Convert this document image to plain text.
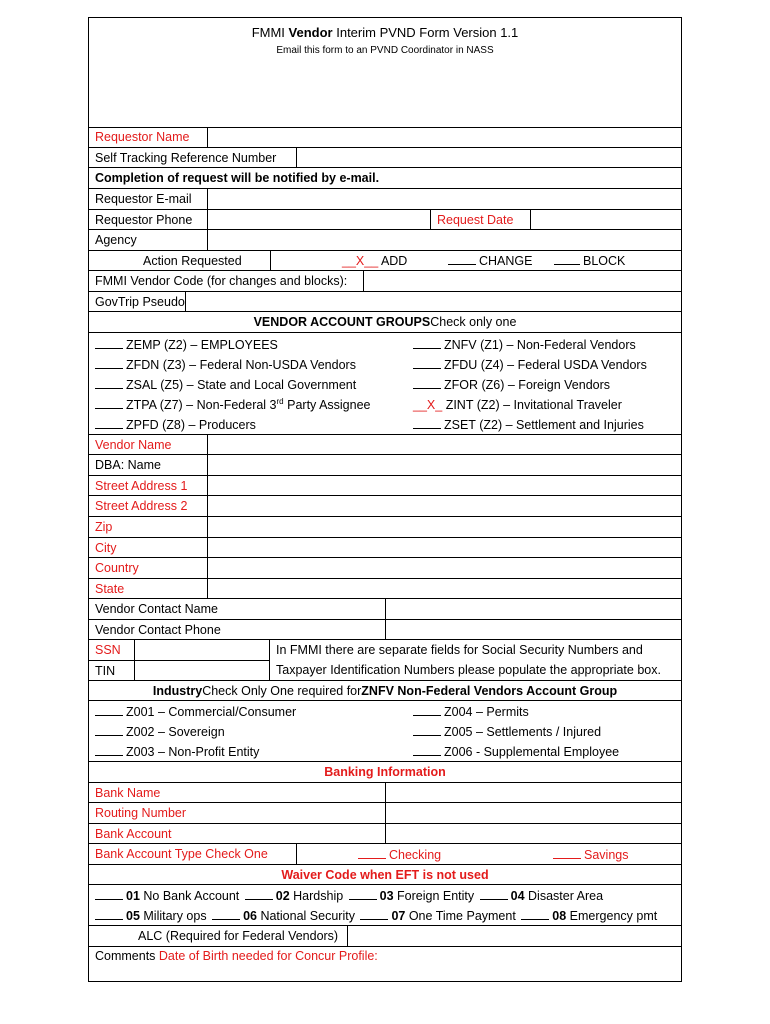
FMMI Vendor Interim PVND Form Version 1.1
Email this form to an PVND Coordinator in NASS
Requestor Name
Self Tracking Reference Number
Completion of request will be notified by e-mail.
Requestor E-mail
Requestor Phone	Request Date
Agency
Action Requested	__X__ ADD	CHANGE	BLOCK
FMMI Vendor Code (for changes and blocks):
GovTrip Pseudo
VENDOR ACCOUNT GROUPS Check only one
ZEMP (Z2) – EMPLOYEES
ZFDN (Z3) – Federal Non-USDA Vendors
ZSAL (Z5) – State and Local Government
ZTPA (Z7) – Non-Federal 3rd Party Assignee
ZPFD (Z8) – Producers
ZNFV (Z1) – Non-Federal Vendors
ZFDU (Z4) – Federal USDA Vendors
ZFOR (Z6) – Foreign Vendors
__X_ ZINT (Z2) – Invitational Traveler
ZSET (Z2) – Settlement and Injuries
Vendor Name
DBA: Name
Street Address 1
Street Address 2
Zip
City
Country
State
Vendor Contact Name
Vendor Contact Phone
SSN
TIN
In FMMI there are separate fields for Social Security Numbers and
Taxpayer Identification Numbers please populate the appropriate box.
Industry Check Only One required for ZNFV Non-Federal Vendors Account Group
Z001 – Commercial/Consumer
Z002 – Sovereign
Z003 – Non-Profit Entity
Z004 – Permits
Z005 – Settlements / Injured
Z006 - Supplemental Employee
Banking Information
Bank Name
Routing Number
Bank Account
Bank Account Type Check One	Checking	Savings
Waiver Code when EFT is not used
01 No Bank Account	02 Hardship	03 Foreign Entity	04 Disaster Area
05 Military ops	06 National Security	07 One Time Payment	08 Emergency pmt
ALC (Required for Federal Vendors)
Comments Date of Birth needed for Concur Profile:
